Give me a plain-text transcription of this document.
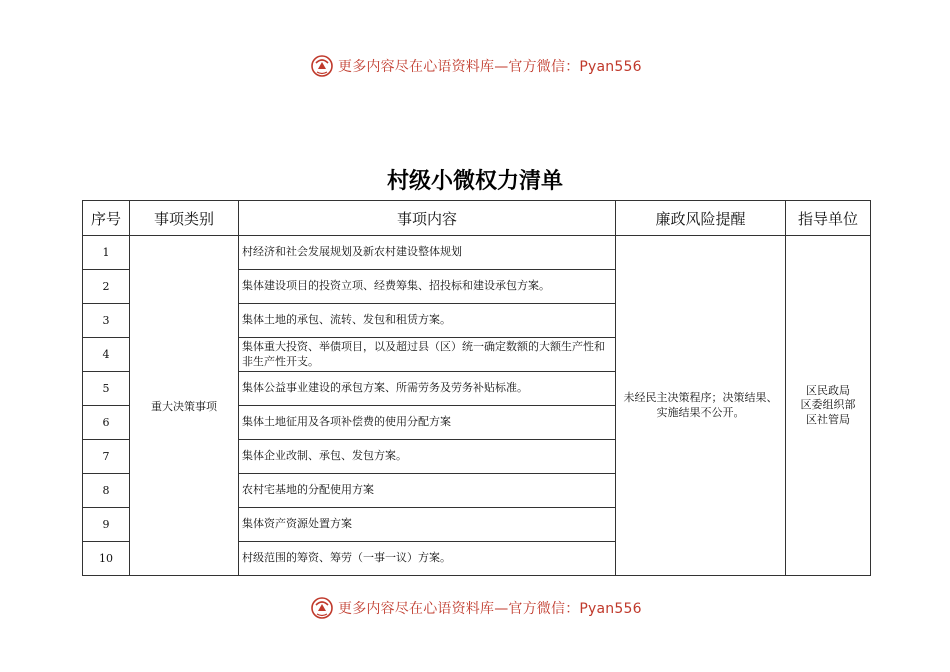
更多内容尽在心语资料库—官方微信：Pyan556
村级小微权力清单
序号	事项类别	事项内容	廉政风险提醒	指导单位
1	重大决策事项	村经济和社会发展规划及新农村建设整体规划	未经民主决策程序；决策结果、实施结果不公开。	区民政局
区委组织部
区社管局

2		集体建设项目的投资立项、经费筹集、招投标和建设承包方案。		
3		集体土地的承包、流转、发包和租赁方案。		
4		集体重大投资、举债项目，以及超过县（区）统一确定数额的大额生产性和非生产性开支。		
5		集体公益事业建设的承包方案、所需劳务及劳务补贴标准。		
6		集体土地征用及各项补偿费的使用分配方案		
7		集体企业改制、承包、发包方案。		
8		农村宅基地的分配使用方案		
9		集体资产资源处置方案		
10		村级范围的筹资、筹劳（一事一议）方案。		
更多内容尽在心语资料库—官方微信：Pyan556
